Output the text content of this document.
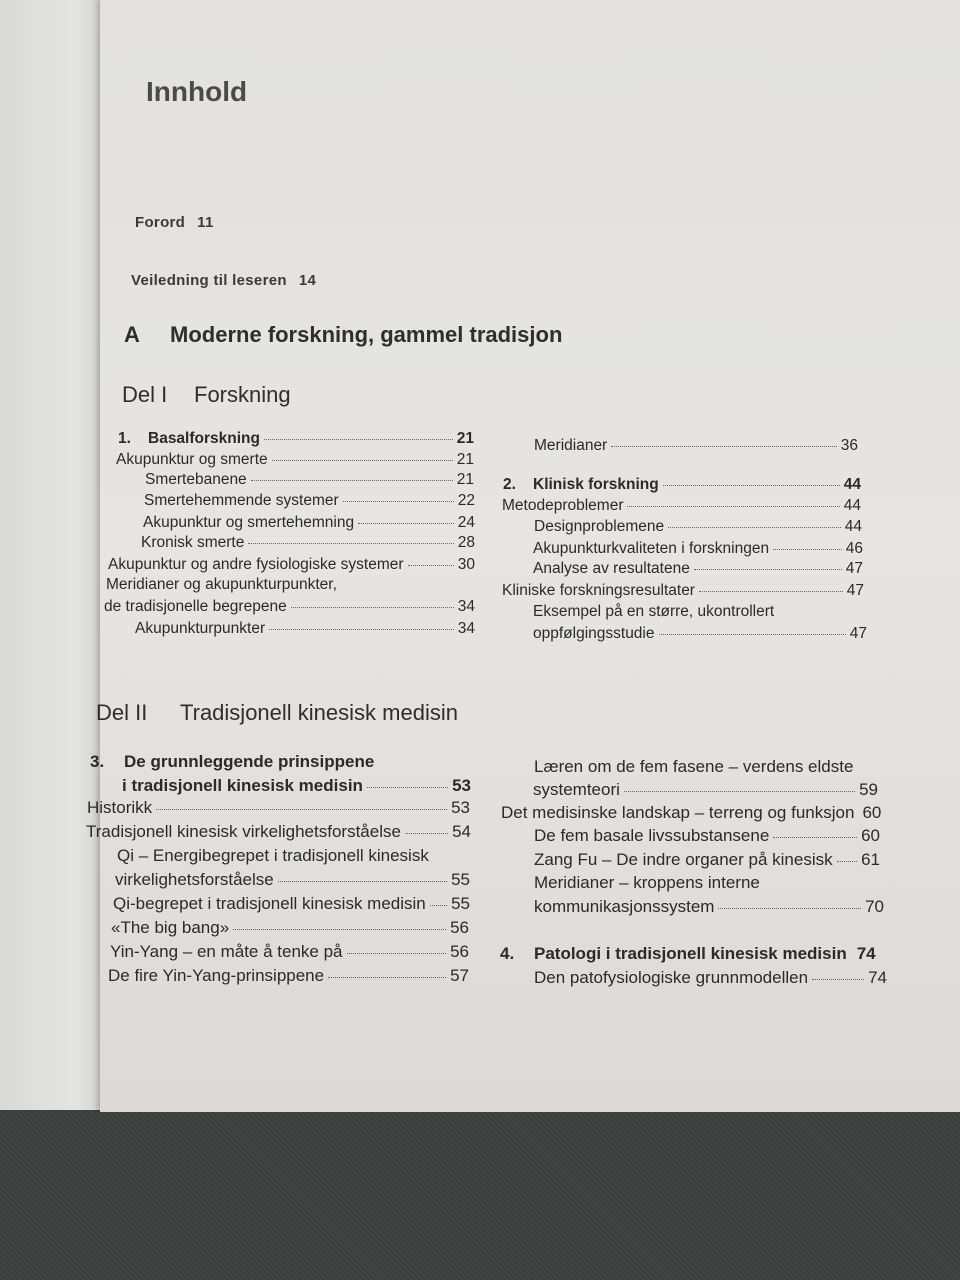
Innhold
Forord 11
Veiledning til leseren 14
A Moderne forskning, gammel tradisjon
Del I Forskning
1. Basalforskning	21
Akupunktur og smerte	21
Smertebanene	21
Smertehemmende systemer	22
Akupunktur og smertehemning	24
Kronisk smerte	28
Akupunktur og andre fysiologiske systemer	30
Meridianer og akupunkturpunkter,
de tradisjonelle begrepene	34
Akupunkturpunkter	34
Meridianer	36
2. Klinisk forskning	44
Metodeproblemer	44
Designproblemene	44
Akupunkturkvaliteten i forskningen	46
Analyse av resultatene	47
Kliniske forskningsresultater	47
Eksempel på en større, ukontrollert
oppfølgingsstudie	47
Del II Tradisjonell kinesisk medisin
3. De grunnleggende prinsippene
i tradisjonell kinesisk medisin	53
Historikk	53
Tradisjonell kinesisk virkelighetsforståelse	54
Qi – Energibegrepet i tradisjonell kinesisk
virkelighetsforståelse	55
Qi-begrepet i tradisjonell kinesisk medisin 55
«The big bang»	56
Yin-Yang – en måte å tenke på	56
De fire Yin-Yang-prinsippene	57
Læren om de fem fasene – verdens eldste
systemteori	59
Det medisinske landskap – terreng og funksjon 60
De fem basale livssubstansene	60
Zang Fu – De indre organer på kinesisk 61
Meridianer – kroppens interne
kommunikasjonssystem	70
4. Patologi i tradisjonell kinesisk medisin 74
Den patofysiologiske grunnmodellen	74
